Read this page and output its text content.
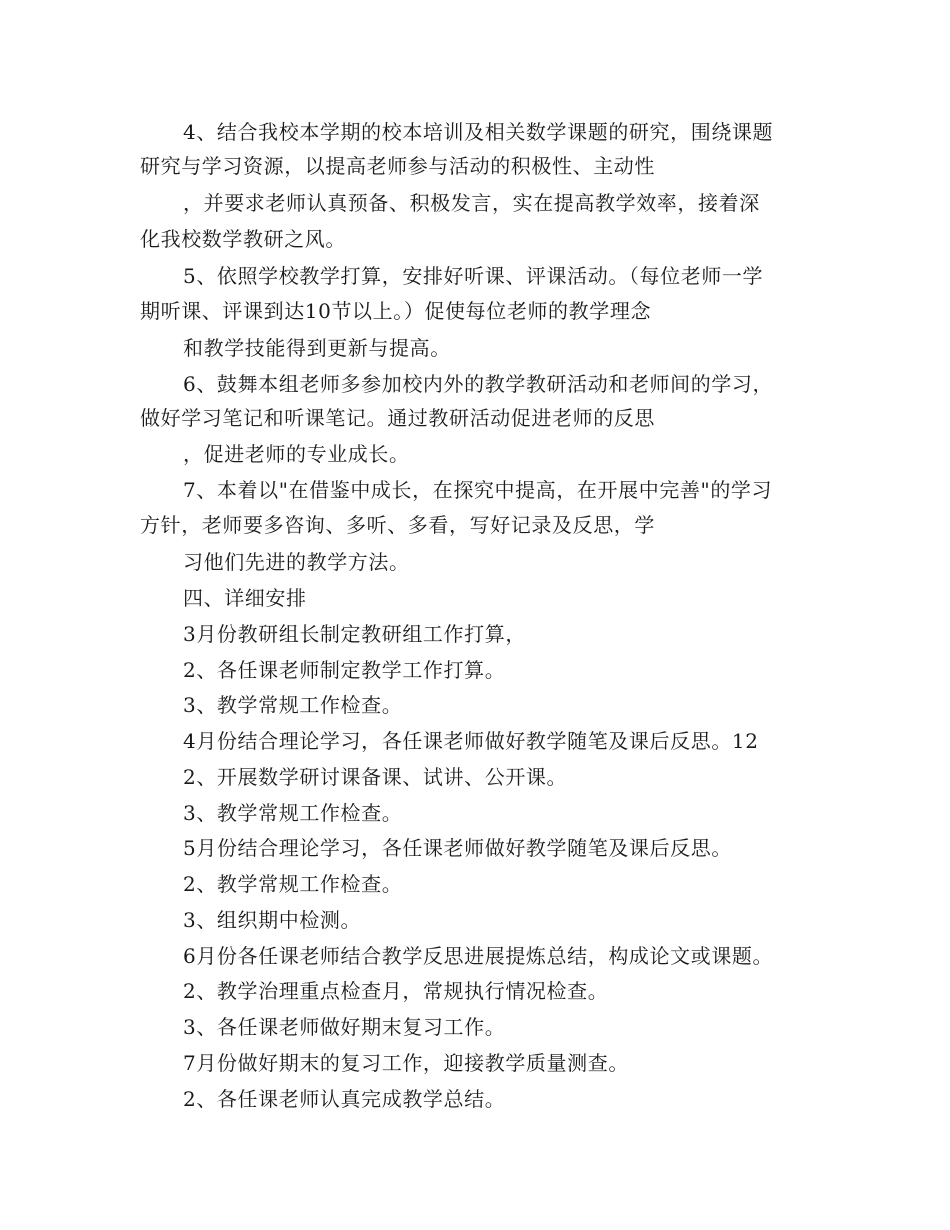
4、结合我校本学期的校本培训及相关数学课题的研究，围绕课题
研究与学习资源，以提高老师参与活动的积极性、主动性
，并要求老师认真预备、积极发言，实在提高教学效率，接着深
化我校数学教研之风。
5、依照学校教学打算，安排好听课、评课活动。（每位老师一学
期听课、评课到达10节以上。）促使每位老师的教学理念
和教学技能得到更新与提高。
6、鼓舞本组老师多参加校内外的教学教研活动和老师间的学习，
做好学习笔记和听课笔记。通过教研活动促进老师的反思
，促进老师的专业成长。
7、本着以"在借鉴中成长，在探究中提高，在开展中完善"的学习
方针，老师要多咨询、多听、多看，写好记录及反思，学
习他们先进的教学方法。
四、详细安排
3月份教研组长制定教研组工作打算，
2、各任课老师制定教学工作打算。
3、教学常规工作检查。
4月份结合理论学习，各任课老师做好教学随笔及课后反思。12
2、开展数学研讨课备课、试讲、公开课。
3、教学常规工作检查。
5月份结合理论学习，各任课老师做好教学随笔及课后反思。
2、教学常规工作检查。
3、组织期中检测。
6月份各任课老师结合教学反思进展提炼总结，构成论文或课题。
2、教学治理重点检查月，常规执行情况检查。
3、各任课老师做好期末复习工作。
7月份做好期末的复习工作，迎接教学质量测查。
2、各任课老师认真完成教学总结。
